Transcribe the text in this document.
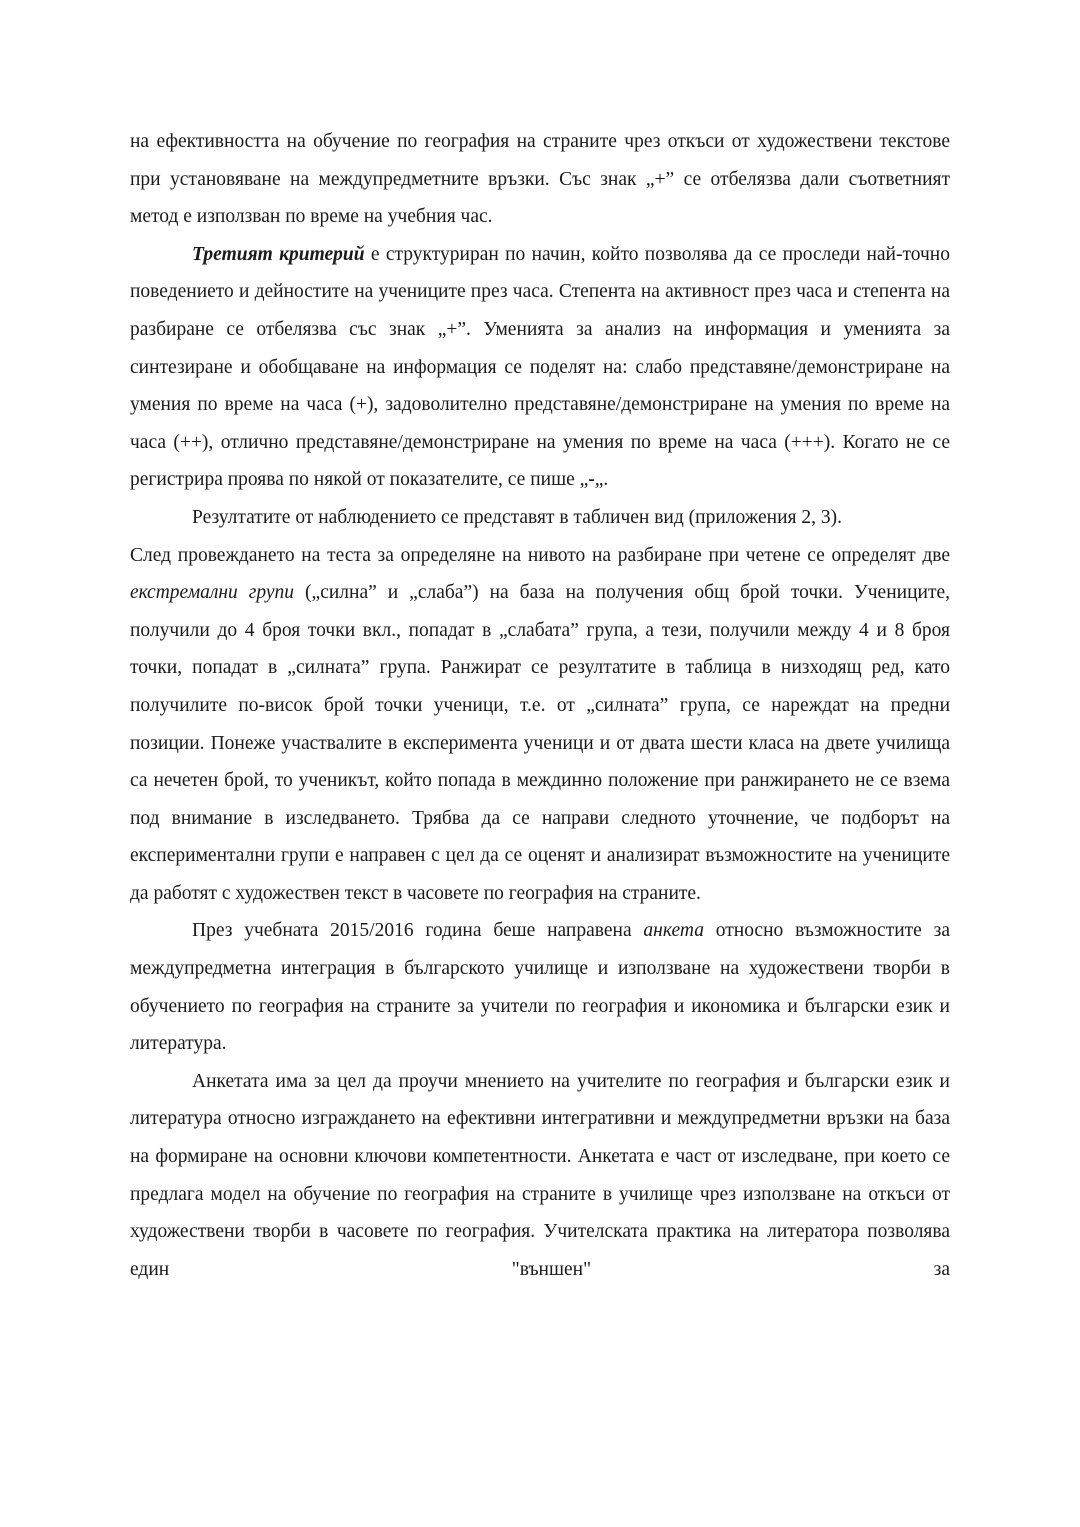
на ефективността на обучение по география на страните чрез откъси от художествени текстове при установяване на междупредметните връзки. Със знак „+” се отбелязва дали съответният метод е използван по време на учебния час.

Третият критерий е структуриран по начин, който позволява да се проследи най-точно поведението и дейностите на учениците през часа. Степента на активност през часа и степента на разбиране се отбелязва със знак „+”. Уменията за анализ на информация и уменията за синтезиране и обобщаване на информация се поделят на: слабо представяне/демонстриране на умения по време на часа (+), задоволително представяне/демонстриране на умения по време на часа (++), отлично представяне/демонстриране на умения по време на часа (+++). Когато не се регистрира проява по някой от показателите, се пише „-„.

Резултатите от наблюдението се представят в табличен вид (приложения 2, 3).

След провеждането на теста за определяне на нивото на разбиране при четене се определят две екстремални групи („силна” и „слаба”) на база на получения общ брой точки. Учениците, получили до 4 броя точки вкл., попадат в „слабата” група, а тези, получили между 4 и 8 броя точки, попадат в „силната” група. Ранжират се резултатите в таблица в низходящ ред, като получилите по-висок брой точки ученици, т.е. от „силната” група, се нареждат на предни позиции. Понеже участвалите в експеримента ученици и от двата шести класа на двете училища са нечетен брой, то ученикът, който попада в междинно положение при ранжирането не се взема под внимание в изследването. Трябва да се направи следното уточнение, че подборът на експериментални групи е направен с цел да се оценят и анализират възможностите на учениците да работят с художествен текст в часовете по география на страните.

През учебната 2015/2016 година беше направена анкета относно възможностите за междупредметна интеграция в българското училище и използване на художествени творби в обучението по география на страните за учители по география и икономика и български език и литература.

Анкетата има за цел да проучи мнението на учителите по география и български език и литература относно изграждането на ефективни интегративни и междупредметни връзки на база на формиране на основни ключови компетентности. Анкетата е част от изследване, при което се предлага модел на обучение по география на страните в училище чрез използване на откъси от художествени творби в часовете по география. Учителската практика на литератора позволява един "външен" за
